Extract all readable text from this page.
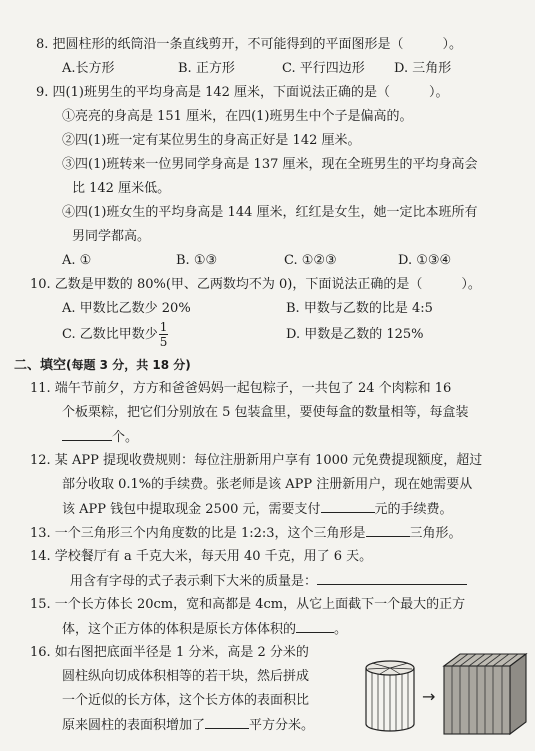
8. 把圆柱形的纸筒沿一条直线剪开，不可能得到的平面图形是（　　　）。
A.长方形	B. 正方形	C. 平行四边形 D. 三角形
9. 四(1)班男生的平均身高是 142 厘米，下面说法正确的是（　　　）。
①亮亮的身高是 151 厘米，在四(1)班男生中个子是偏高的。
②四(1)班一定有某位男生的身高正好是 142 厘米。
③四(1)班转来一位男同学身高是 137 厘米，现在全班男生的平均身高会
比 142 厘米低。
④四(1)班女生的平均身高是 144 厘米，红红是女生，她一定比本班所有
男同学都高。
A. ①	B. ①③	C. ①②③	D. ①③④
10. 乙数是甲数的 80%(甲、乙两数均不为 0)，下面说法正确的是（　　　）。
A. 甲数比乙数少 20%	B. 甲数与乙数的比是 4:5
C. 乙数比甲数少 $\frac{1}{5}$	D. 甲数是乙数的 125%
二、填空(每题 3 分，共 18 分)
11. 端午节前夕，方方和爸爸妈妈一起包粽子，一共包了 24 个肉粽和 16
个板栗粽，把它们分别放在 5 包装盒里，要使每盒的数量相等，每盒装
个。
12. 某 APP 提现收费规则：每位注册新用户享有 1000 元免费提现额度，超过
部分收取 0.1%的手续费。张老师是该 APP 注册新用户，现在她需要从
该 APP 钱包中提取现金 2500 元，需要支付	元的手续费。
13. 一个三角形三个内角度数的比是 1:2:3，这个三角形是	三角形。
14. 学校餐厅有 a 千克大米，每天用 40 千克，用了 6 天。
用含有字母的式子表示剩下大米的质量是：
15. 一个长方体长 20cm，宽和高都是 4cm，从它上面截下一个最大的正方
体，这个正方体的体积是原长方体体积的	。
16. 如右图把底面半径是 1 分米，高是 2 分米的
圆柱纵向切成体积相等的若干块，然后拼成
一个近似的长方体，这个长方体的表面积比
原来圆柱的表面积增加了	平方分米。
→
